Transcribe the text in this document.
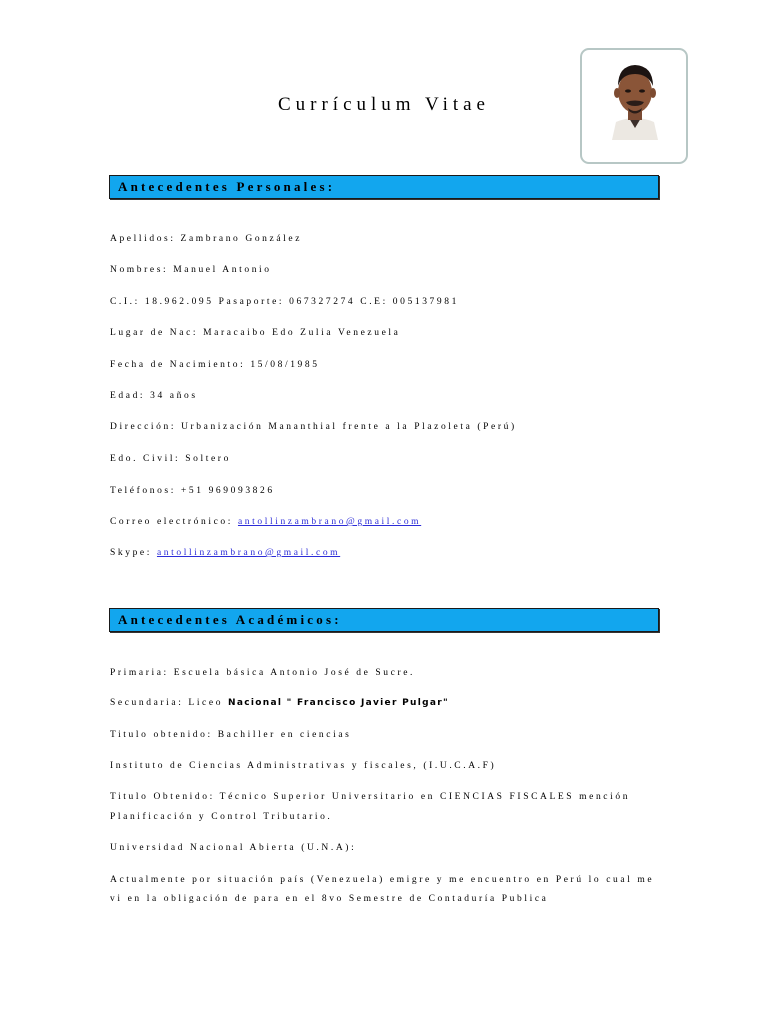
Currículum Vitae
Antecedentes Personales:
Apellidos: Zambrano González
Nombres: Manuel Antonio
C.I.: 18.962.095 Pasaporte: 067327274 C.E: 005137981
Lugar de Nac: Maracaibo Edo Zulia Venezuela
Fecha de Nacimiento: 15/08/1985
Edad: 34 años
Dirección: Urbanización Mananthial frente a la Plazoleta (Perú)
Edo. Civil: Soltero
Teléfonos: +51 969093826
Correo electrónico: antollinzambrano@gmail.com
Skype: antollinzambrano@gmail.com
Antecedentes Académicos:
Primaria: Escuela básica Antonio José de Sucre.
Secundaria: Liceo Nacional " Francisco Javier Pulgar"
Titulo obtenido: Bachiller en ciencias
Instituto de Ciencias Administrativas y fiscales, (I.U.C.A.F)
Titulo Obtenido: Técnico Superior Universitario en CIENCIAS FISCALES mención
Planificación y Control Tributario.
Universidad Nacional Abierta (U.N.A):
Actualmente por situación país (Venezuela) emigre y me encuentro en Perú lo cual me
vi en la obligación de para en el 8vo Semestre de Contaduría Publica
